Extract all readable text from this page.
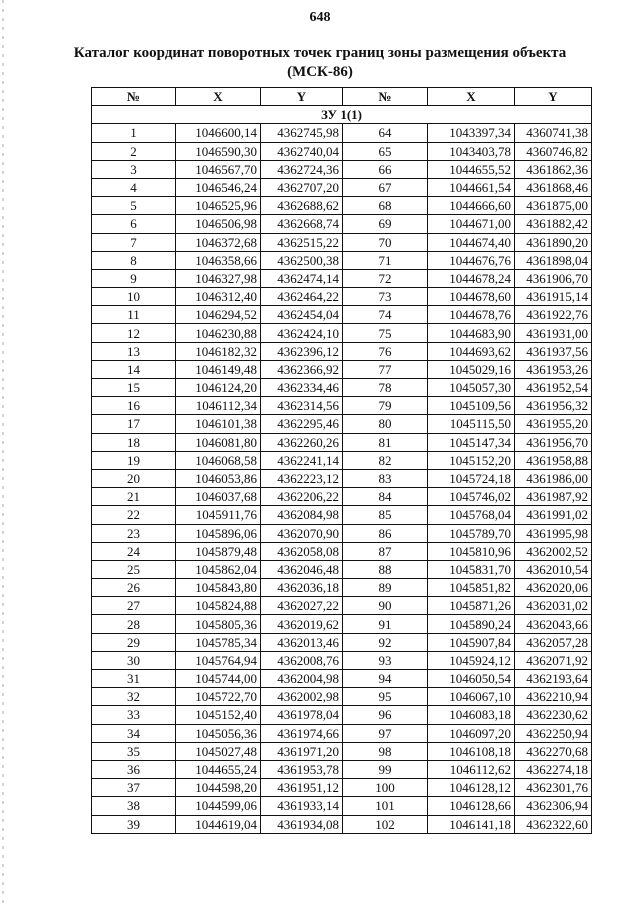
648
Каталог координат поворотных точек границ зоны размещения объекта
(МСК-86)
№	X	Y	№	X	Y
ЗУ 1(1)					
1	1046600,14	4362745,98	64	1043397,34	4360741,38
2	1046590,30	4362740,04	65	1043403,78	4360746,82
3	1046567,70	4362724,36	66	1044655,52	4361862,36
4	1046546,24	4362707,20	67	1044661,54	4361868,46
5	1046525,96	4362688,62	68	1044666,60	4361875,00
6	1046506,98	4362668,74	69	1044671,00	4361882,42
7	1046372,68	4362515,22	70	1044674,40	4361890,20
8	1046358,66	4362500,38	71	1044676,76	4361898,04
9	1046327,98	4362474,14	72	1044678,24	4361906,70
10	1046312,40	4362464,22	73	1044678,60	4361915,14
11	1046294,52	4362454,04	74	1044678,76	4361922,76
12	1046230,88	4362424,10	75	1044683,90	4361931,00
13	1046182,32	4362396,12	76	1044693,62	4361937,56
14	1046149,48	4362366,92	77	1045029,16	4361953,26
15	1046124,20	4362334,46	78	1045057,30	4361952,54
16	1046112,34	4362314,56	79	1045109,56	4361956,32
17	1046101,38	4362295,46	80	1045115,50	4361955,20
18	1046081,80	4362260,26	81	1045147,34	4361956,70
19	1046068,58	4362241,14	82	1045152,20	4361958,88
20	1046053,86	4362223,12	83	1045724,18	4361986,00
21	1046037,68	4362206,22	84	1045746,02	4361987,92
22	1045911,76	4362084,98	85	1045768,04	4361991,02
23	1045896,06	4362070,90	86	1045789,70	4361995,98
24	1045879,48	4362058,08	87	1045810,96	4362002,52
25	1045862,04	4362046,48	88	1045831,70	4362010,54
26	1045843,80	4362036,18	89	1045851,82	4362020,06
27	1045824,88	4362027,22	90	1045871,26	4362031,02
28	1045805,36	4362019,62	91	1045890,24	4362043,66
29	1045785,34	4362013,46	92	1045907,84	4362057,28
30	1045764,94	4362008,76	93	1045924,12	4362071,92
31	1045744,00	4362004,98	94	1046050,54	4362193,64
32	1045722,70	4362002,98	95	1046067,10	4362210,94
33	1045152,40	4361978,04	96	1046083,18	4362230,62
34	1045056,36	4361974,66	97	1046097,20	4362250,94
35	1045027,48	4361971,20	98	1046108,18	4362270,68
36	1044655,24	4361953,78	99	1046112,62	4362274,18
37	1044598,20	4361951,12	100	1046128,12	4362301,76
38	1044599,06	4361933,14	101	1046128,66	4362306,94
39	1044619,04	4361934,08	102	1046141,18	4362322,60
